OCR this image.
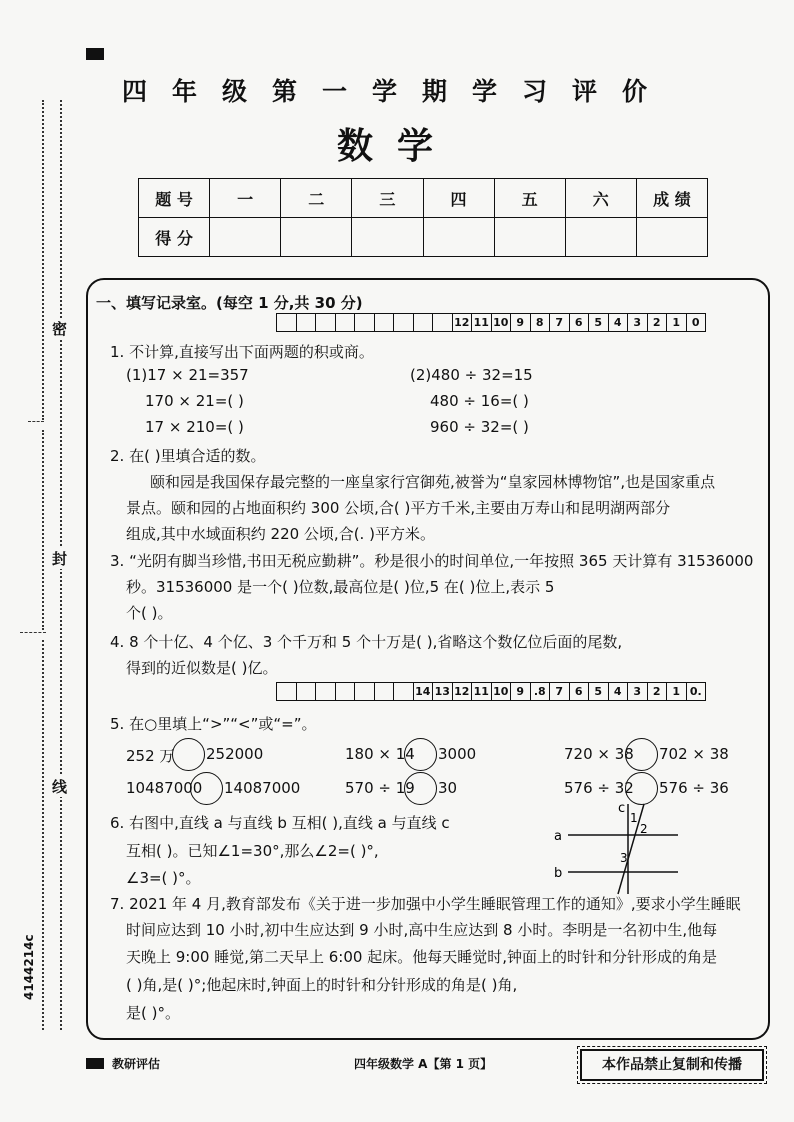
四年级第一学期学习评价
数学
题 号	一	二	三	四	五	六	成 绩
得 分							
密
封
线
4144214c
一、填写记录室。(每空 1 分,共 30 分)
12 11 10 9	8	7	6	5	4	3	2	1	0
1. 不计算,直接写出下面两题的积或商。
(1)17 × 21=357
170 × 21=( )
17 × 210=( )
(2)480 ÷ 32=15
480 ÷ 16=( )
960 ÷ 32=( )
2. 在( )里填合适的数。
颐和园是我国保存最完整的一座皇家行宫御苑,被誉为“皇家园林博物馆”,也是国家重点
景点。颐和园的占地面积约 300 公顷,合( )平方千米,主要由万寿山和昆明湖两部分
组成,其中水域面积约 220 公顷,合(. )平方米。
3. “光阴有脚当珍惜,书田无税应勤耕”。秒是很小的时间单位,一年按照 365 天计算有 31536000
秒。31536000 是一个( )位数,最高位是( )位,5 在( )位上,表示 5
个( )。
4. 8 个十亿、4 个亿、3 个千万和 5 个十万是( ),省略这个数亿位后面的尾数,
得到的近似数是( )亿。
14 13 12 11 10 9 .8 7	6	5	4	3	2	1 0.
5. 在○里填上“>”“<”或“=”。
252 万 252000	180 × 14 3000	720 × 38 702 × 38
10487000 14087000	570 ÷ 19 30	576 ÷ 32 576 ÷ 36
6. 右图中,直线 a 与直线 b 互相( ),直线 a 与直线 c
互相( )。已知∠1=30°,那么∠2=( )°,
∠3=( )°。
a
b
c
1
2
3
7. 2021 年 4 月,教育部发布《关于进一步加强中小学生睡眠管理工作的通知》,要求小学生睡眠
时间应达到 10 小时,初中生应达到 9 小时,高中生应达到 8 小时。李明是一名初中生,他每
天晚上 9:00 睡觉,第二天早上 6:00 起床。他每天睡觉时,钟面上的时针和分针形成的角是
( )角,是( )°;他起床时,钟面上的时针和分针形成的角是( )角,
是( )°。
教研评估	四年级数学 A【第 1 页】	本作品禁止复制和传播
